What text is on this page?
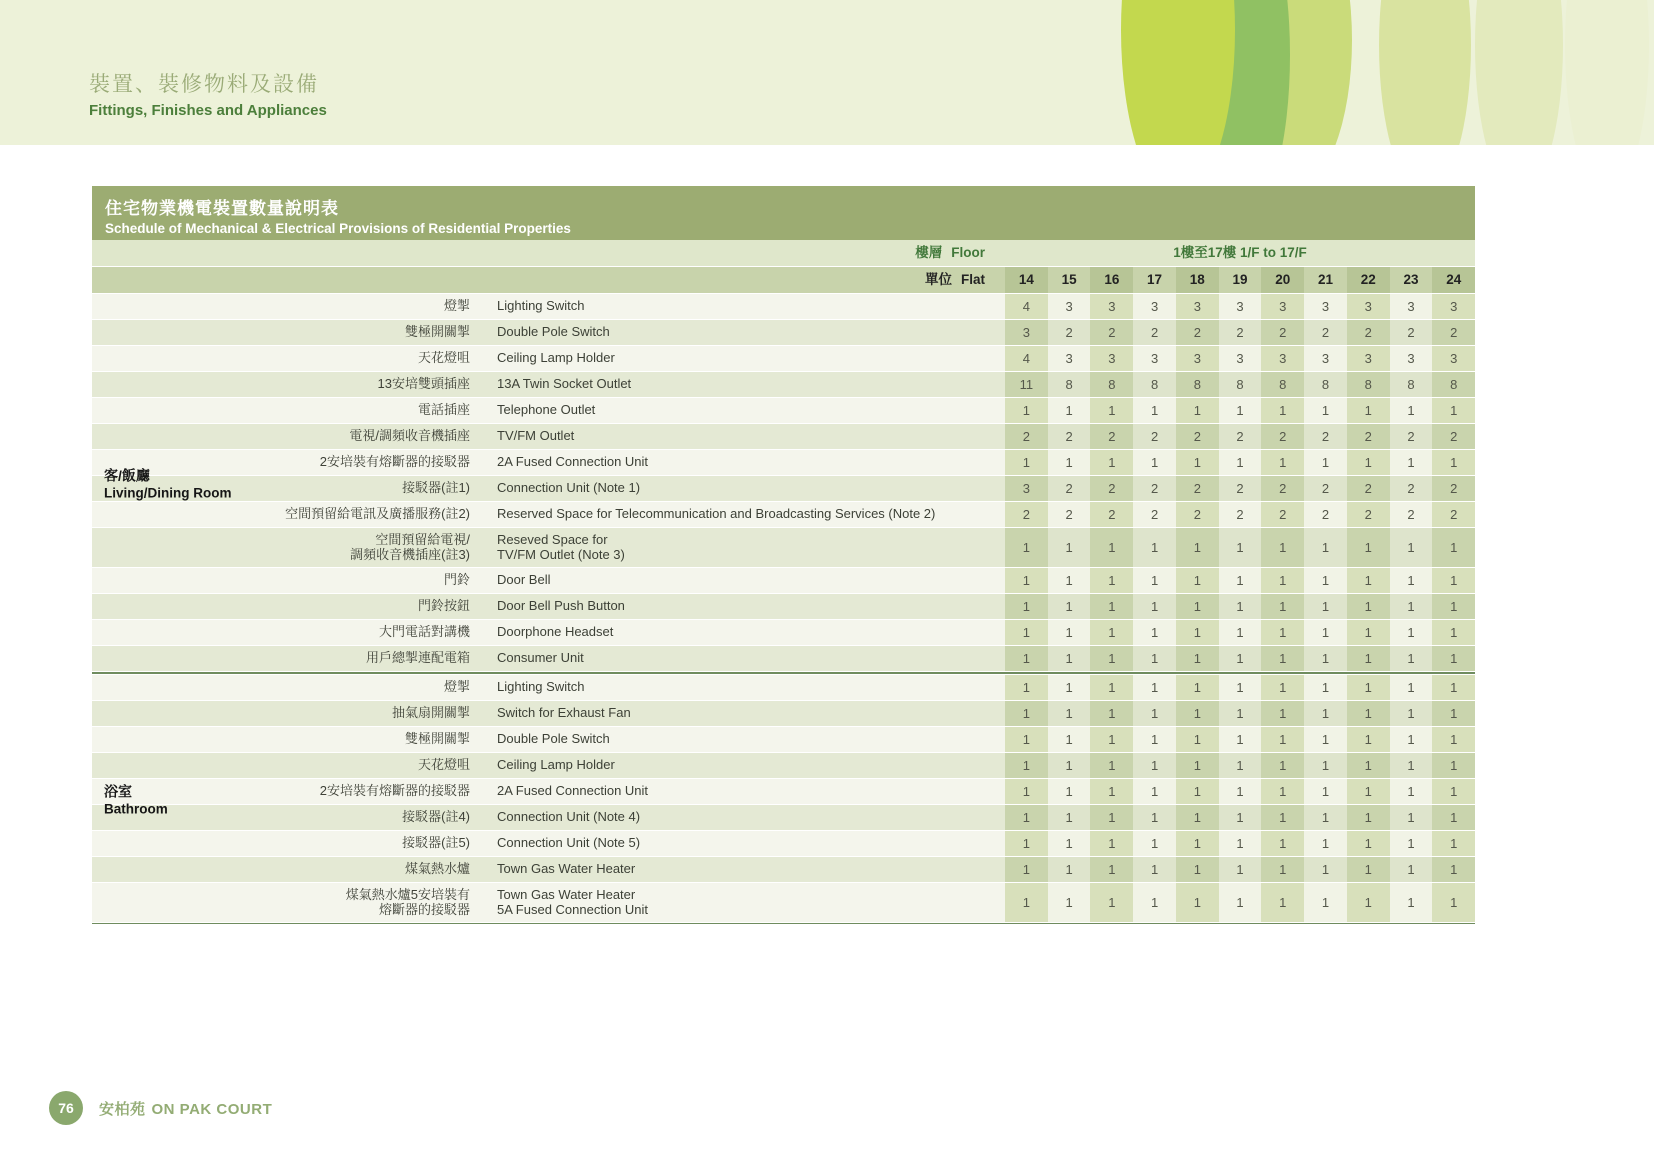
裝置、裝修物料及設備
Fittings, Finishes and Appliances
住宅物業機電裝置數量說明表
Schedule of Mechanical & Electrical Provisions of Residential Properties
樓層 Floor	1樓至17樓 1/F to 17/F
單位 Flat	14	15	16	17	18	19	20	21	22	23	24
燈掣	Lighting Switch	4	3	3	3	3	3	3	3	3	3	3
雙極開關掣	Double Pole Switch	3	2	2	2	2	2	2	2	2	2	2
天花燈咀	Ceiling Lamp Holder	4	3	3	3	3	3	3	3	3	3	3
13安培雙頭插座	13A Twin Socket Outlet	11	8	8	8	8	8	8	8	8	8	8
電話插座	Telephone Outlet	1	1	1	1	1	1	1	1	1	1	1
電視/調頻收音機插座	TV/FM Outlet	2	2	2	2	2	2	2	2	2	2	2
2安培裝有熔斷器的接駁器	2A Fused Connection Unit	1	1	1	1	1	1	1	1	1	1	1
接駁器(註1)	Connection Unit (Note 1)	3	2	2	2	2	2	2	2	2	2	2
空間預留給電訊及廣播服務(註2)	Reserved Space for Telecommunication and Broadcasting Services (Note 2)	2	2	2	2	2	2	2	2	2	2	2
空間預留給電視/
調頻收音機插座(註3)
Reseved Space for
TV/FM Outlet (Note 3)	1	1	1	1	1	1	1	1	1	1	1
門鈴	Door Bell	1	1	1	1	1	1	1	1	1	1	1
門鈴按鈕	Door Bell Push Button	1	1	1	1	1	1	1	1	1	1	1
大門電話對講機	Doorphone Headset	1	1	1	1	1	1	1	1	1	1	1
用戶總掣連配電箱	Consumer Unit	1	1	1	1	1	1	1	1	1	1	1
客/飯廳
Living/Dining Room
燈掣	Lighting Switch	1	1	1	1	1	1	1	1	1	1	1
抽氣扇開關掣	Switch for Exhaust Fan	1	1	1	1	1	1	1	1	1	1	1
雙極開關掣	Double Pole Switch	1	1	1	1	1	1	1	1	1	1	1
天花燈咀	Ceiling Lamp Holder	1	1	1	1	1	1	1	1	1	1	1
2安培裝有熔斷器的接駁器	2A Fused Connection Unit	1	1	1	1	1	1	1	1	1	1	1
接駁器(註4)	Connection Unit (Note 4)	1	1	1	1	1	1	1	1	1	1	1
接駁器(註5)	Connection Unit (Note 5)	1	1	1	1	1	1	1	1	1	1	1
煤氣熱水爐	Town Gas Water Heater	1	1	1	1	1	1	1	1	1	1	1
煤氣熱水爐5安培裝有
熔斷器的接駁器
Town Gas Water Heater
5A Fused Connection Unit	1	1	1	1	1	1	1	1	1	1	1
浴室
Bathroom
76	安柏苑 ON PAK COURT
